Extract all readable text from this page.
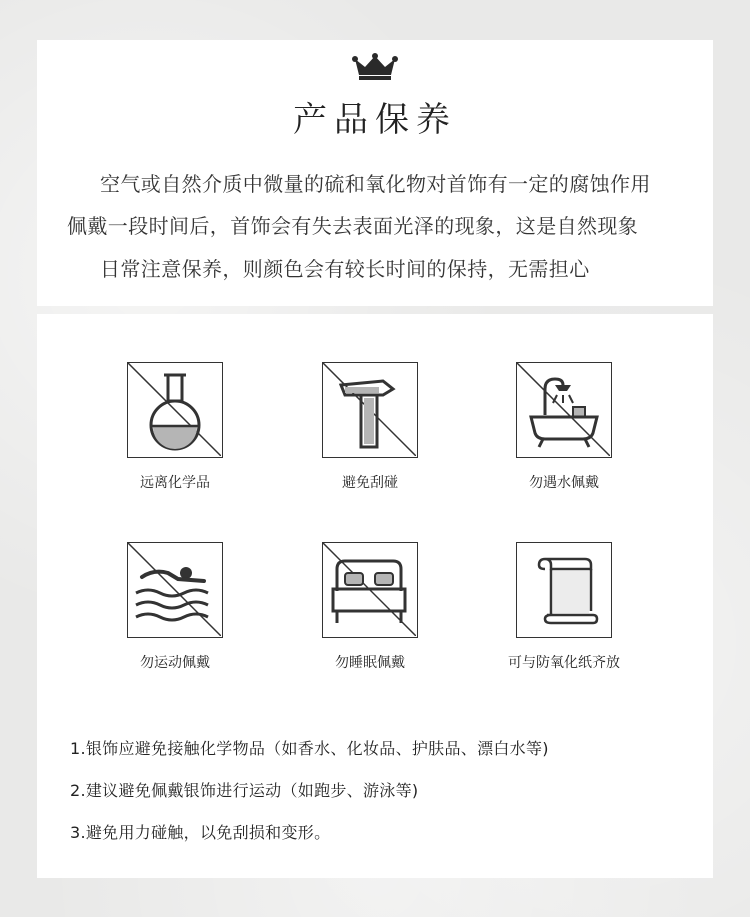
产品保养
空气或自然介质中微量的硫和氧化物对首饰有一定的腐蚀作用
佩戴一段时间后，首饰会有失去表面光泽的现象，这是自然现象
日常注意保养，则颜色会有较长时间的保持，无需担心
远离化学品	避免刮碰	勿遇水佩戴
勿运动佩戴	勿睡眠佩戴	可与防氧化纸齐放
1.银饰应避免接触化学物品（如香水、化妆品、护肤品、漂白水等)
2.建议避免佩戴银饰进行运动（如跑步、游泳等)
3.避免用力碰触，以免刮损和变形。
